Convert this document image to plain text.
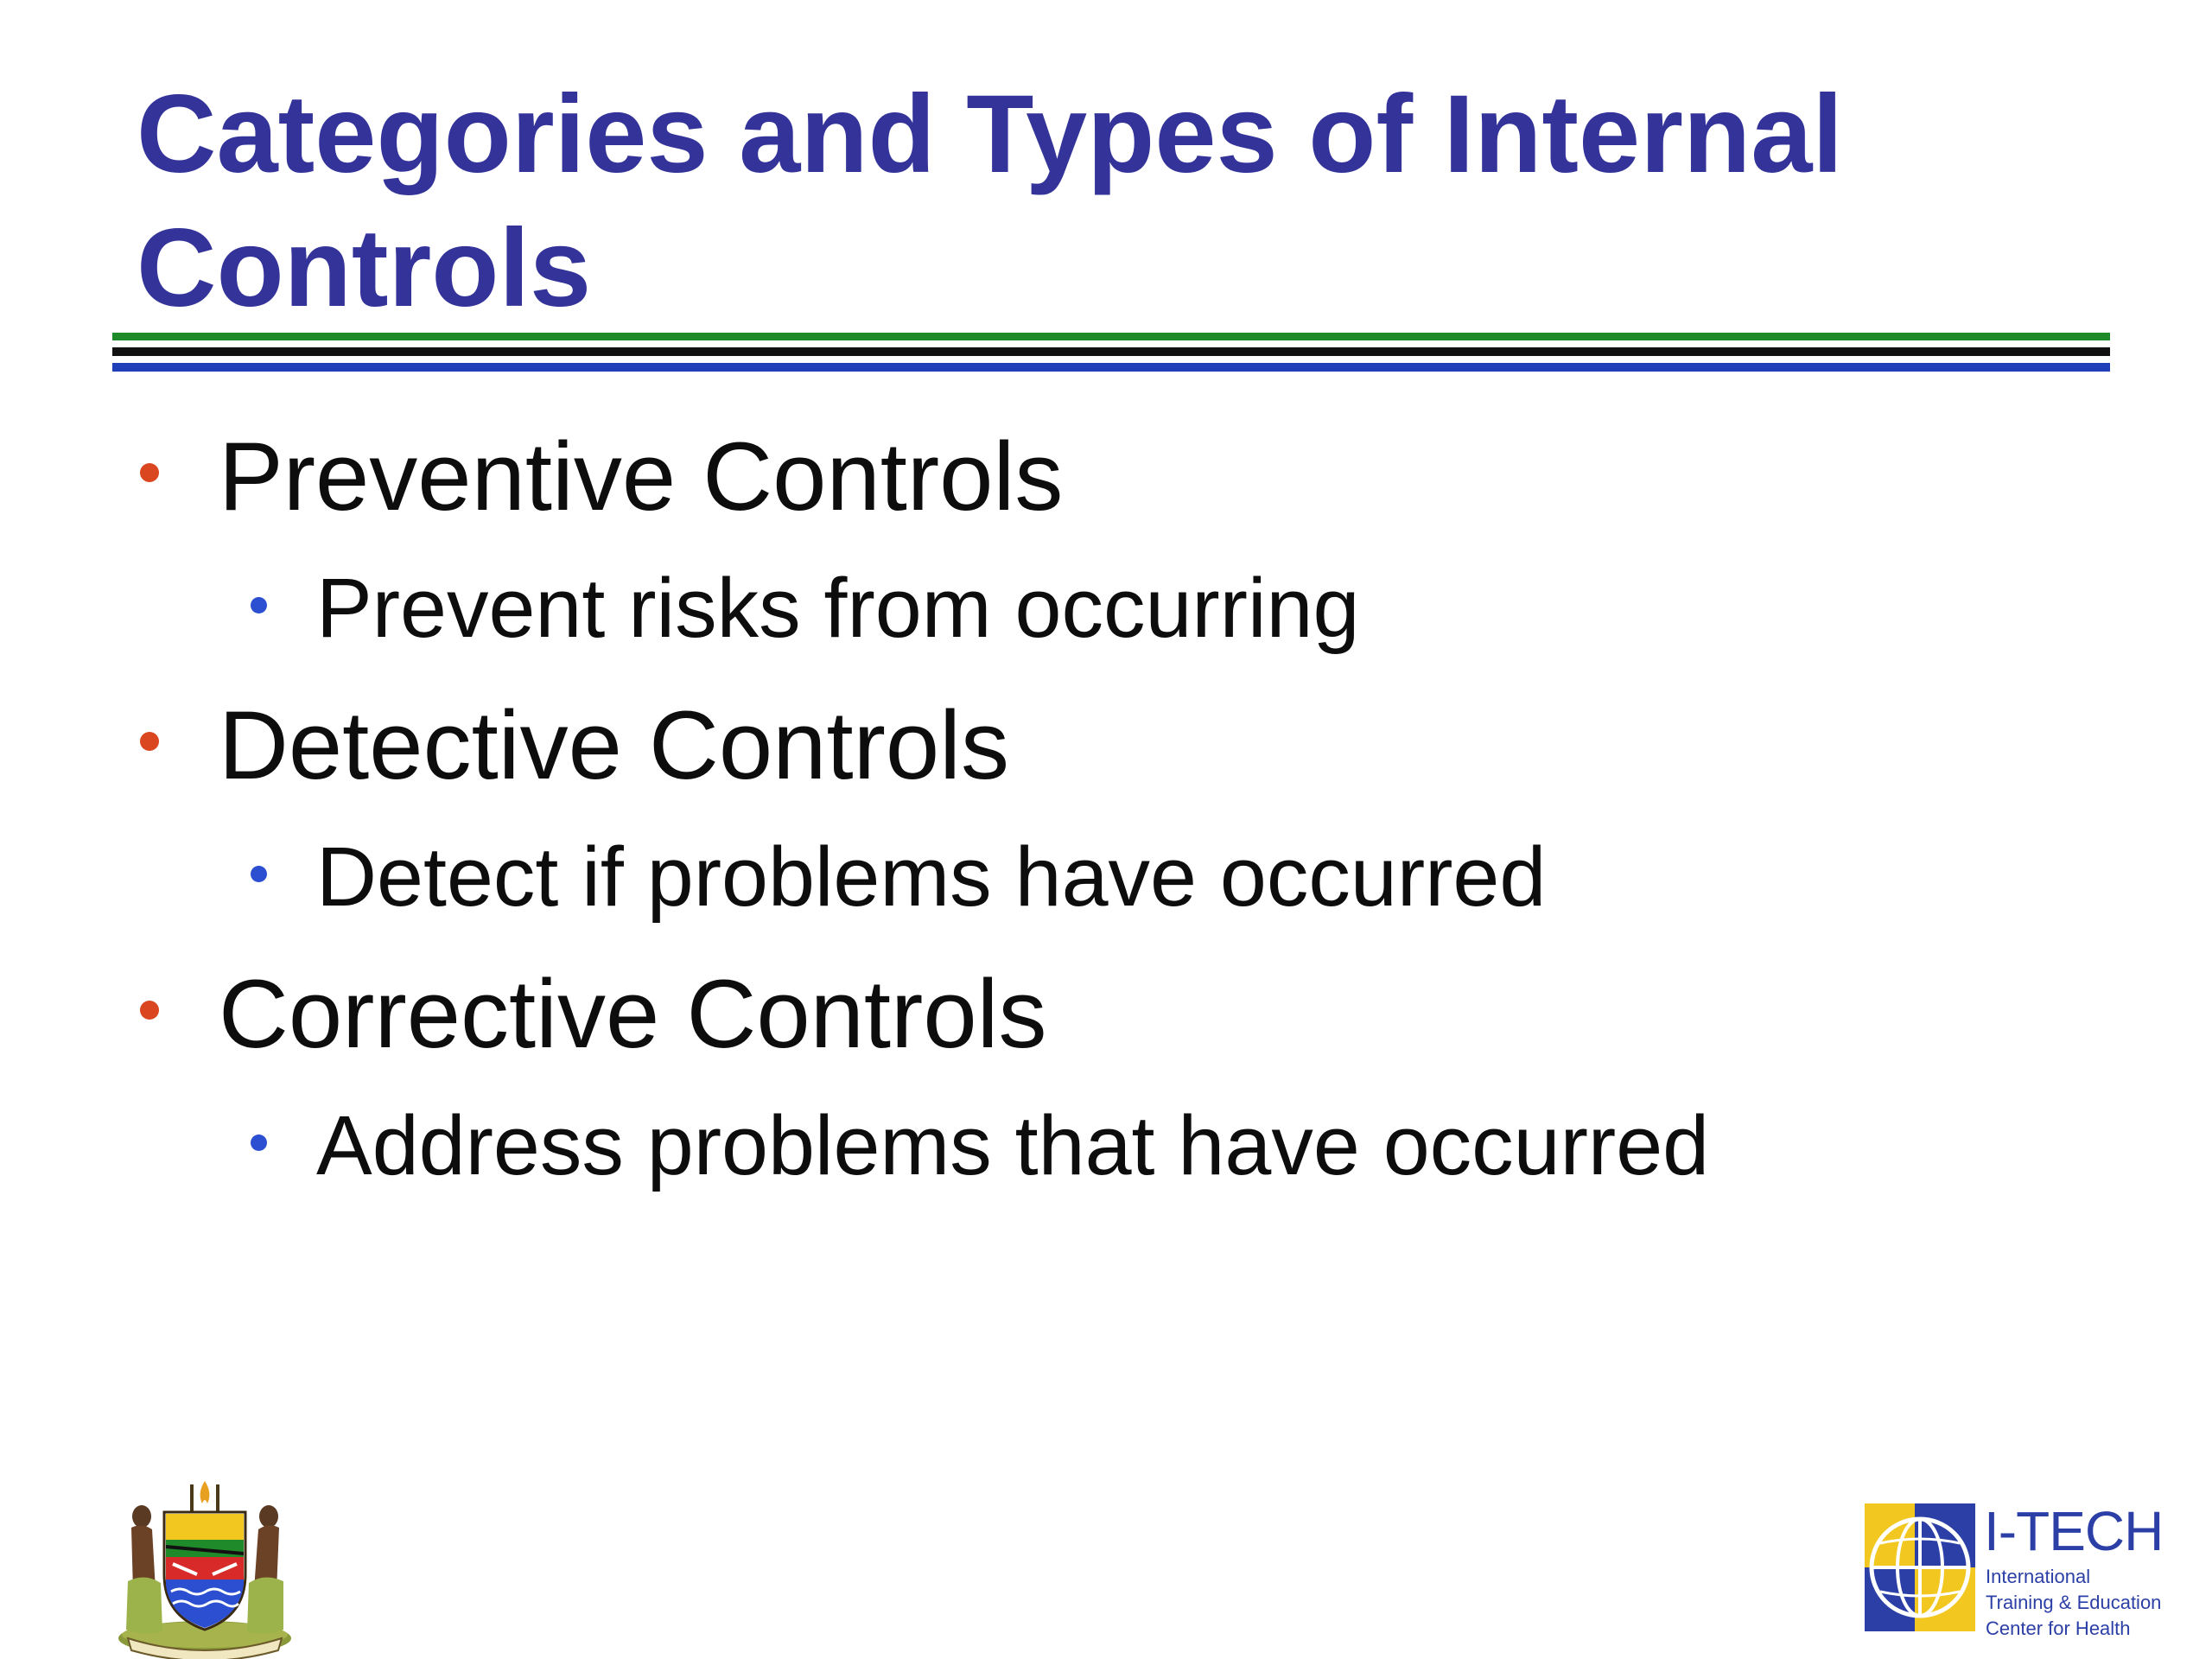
Categories and Types of Internal Controls

Preventive Controls

Prevent risks from occurring

Detective Controls

Detect if problems have occurred

Corrective Controls

Address problems that have occurred

I-TECH
International
Training & Education
Center for Health
